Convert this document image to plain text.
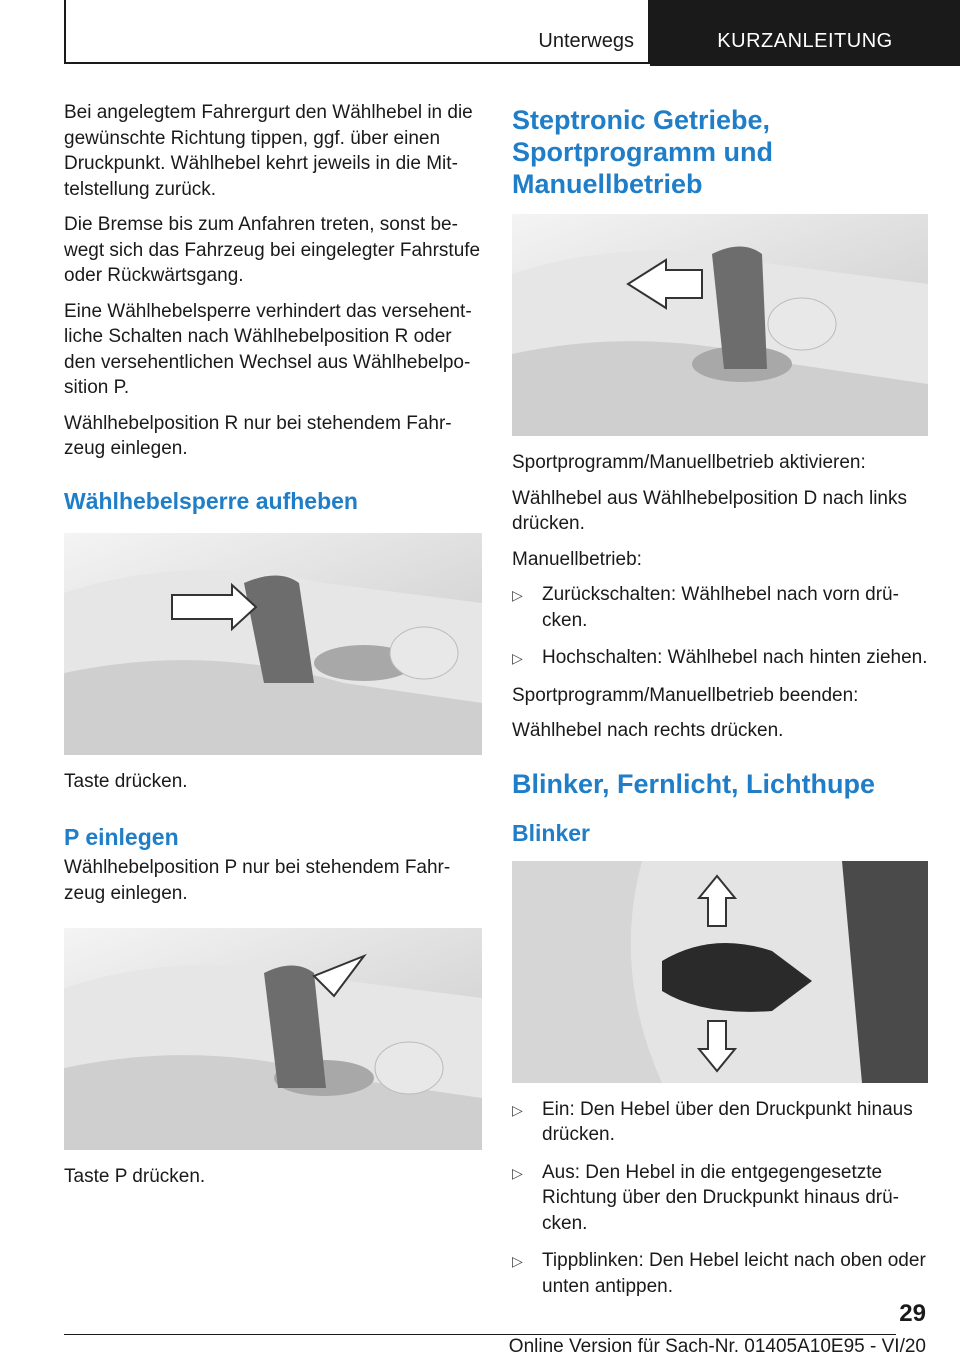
Unterwegs	KURZANLEITUNG

Bei angelegtem Fahrergurt den Wählhebel in die gewünschte Richtung tippen, ggf. über einen Druckpunkt. Wählhebel kehrt jeweils in die Mittelstellung zurück.

Die Bremse bis zum Anfahren treten, sonst bewegt sich das Fahrzeug bei eingelegter Fahrstufe oder Rückwärtsgang.

Eine Wählhebelsperre verhindert das versehentliche Schalten nach Wählhebelposition R oder den versehentlichen Wechsel aus Wählhebelposition P.

Wählhebelposition R nur bei stehendem Fahrzeug einlegen.

Wählhebelsperre aufheben

Taste drücken.

P einlegen

Wählhebelposition P nur bei stehendem Fahrzeug einlegen.

Taste P drücken.

Steptronic Getriebe, Sportprogramm und Manuellbetrieb

Sportprogramm/Manuellbetrieb aktivieren:

Wählhebel aus Wählhebelposition D nach links drücken.

Manuellbetrieb:

▷ Zurückschalten: Wählhebel nach vorn drücken.
▷ Hochschalten: Wählhebel nach hinten ziehen.

Sportprogramm/Manuellbetrieb beenden:

Wählhebel nach rechts drücken.

Blinker, Fernlicht, Lichthupe
Blinker
▷ Ein: Den Hebel über den Druckpunkt hinaus drücken.
▷ Aus: Den Hebel in die entgegengesetzte Richtung über den Druckpunkt hinaus drücken.
▷ Tippblinken: Den Hebel leicht nach oben oder unten antippen.
29
Online Version für Sach-Nr. 01405A10E95 - VI/20
